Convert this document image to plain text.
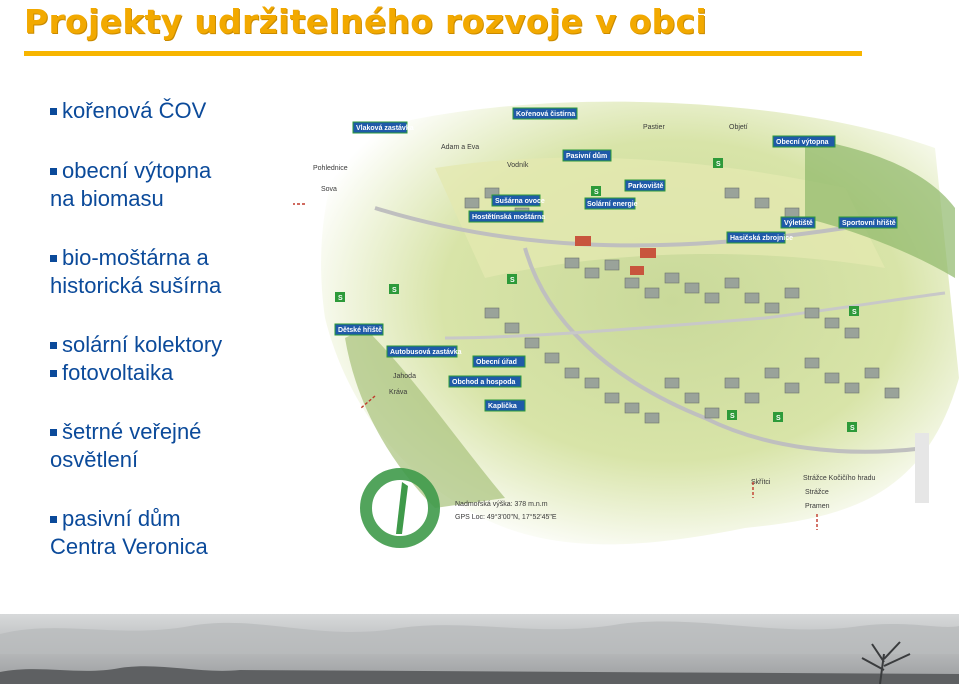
Projekty udržitelného rozvoje v obci
kořenová ČOV
obecní výtopna
na biomasu
bio-moštárna a
historická sušírna
solární kolektory
fotovoltaika
šetrné veřejné
osvětlení
pasivní dům
Centra Veronica
Vlaková zastávka
Kořenová čistírna
Adam a Eva
Vodník
Pasivní dům
Pastier	Objetí
Obecní výtopna
Pohlednice
Sova
Sušárna ovoce
Parkoviště
Solární energie
Hostětínská moštárna
Výletiště	Sportovní hřiště
Hasičská zbrojnice
Dětské hřiště
Autobusová zastávka
Obecní úřad
Jahoda
Kráva
Obchod a hospoda
Kaplička
Skřítci
Strážce Kočičího hradu
Strážce
Pramen
S
S
S
S
S
S
S
S
S
Nadmořská výška: 378 m.n.m
GPS Loc: 49°3'00"N, 17°52'45"E
